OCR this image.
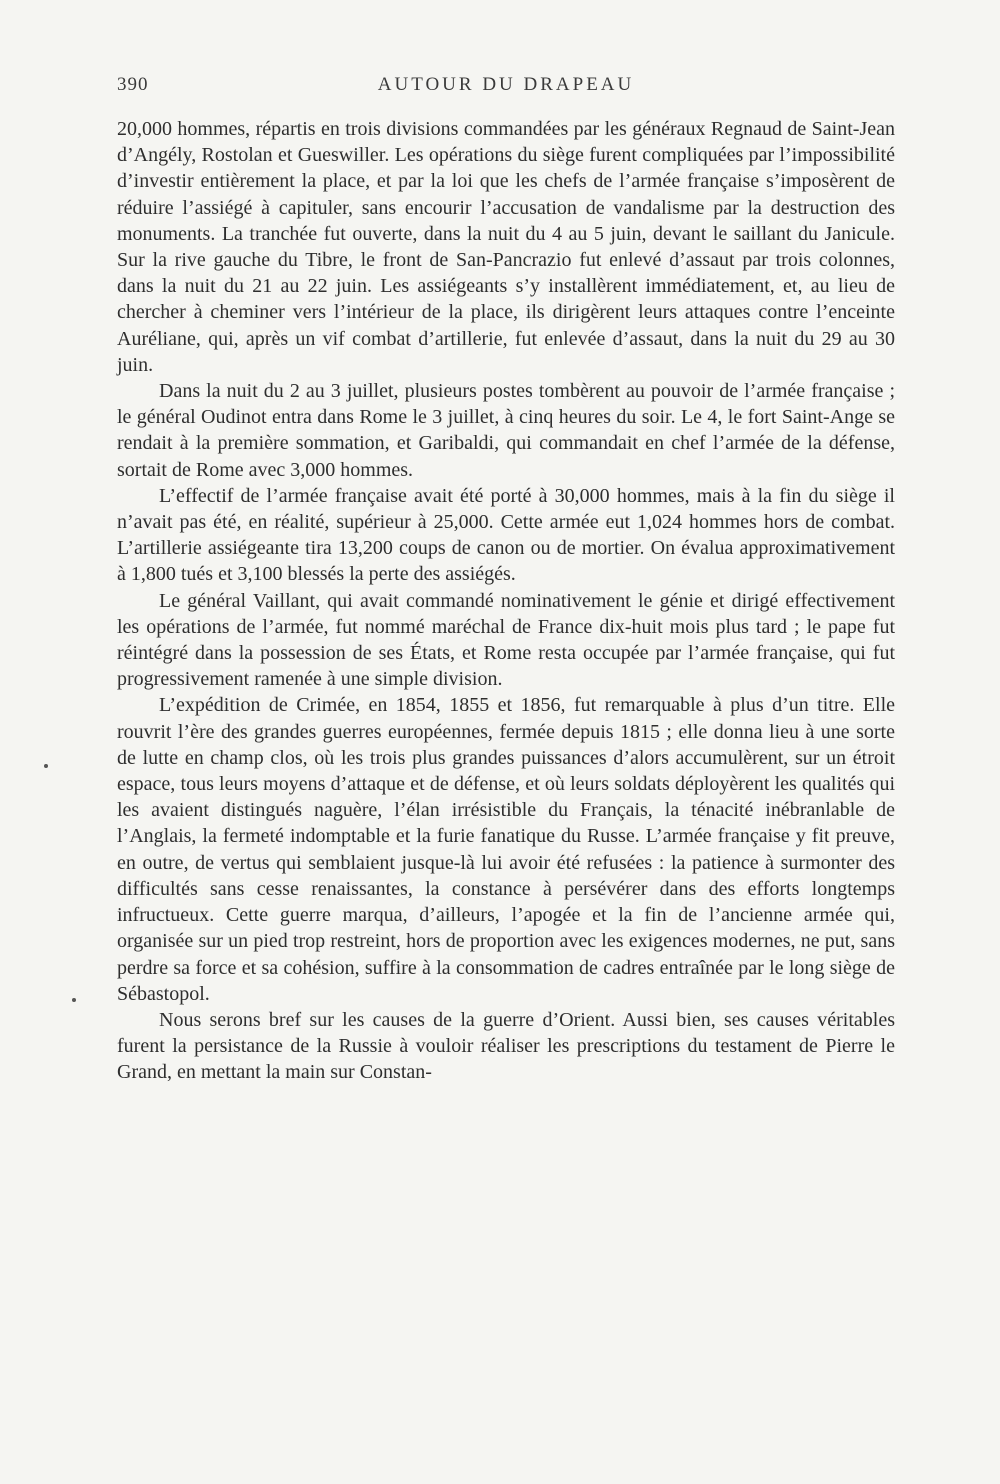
390	AUTOUR DU DRAPEAU

20,000 hommes, répartis en trois divisions commandées par les généraux Regnaud de Saint-Jean d’Angély, Rostolan et Gueswiller. Les opérations du siège furent compliquées par l’impossibilité d’investir entièrement la place, et par la loi que les chefs de l’armée française s’imposèrent de réduire l’assiégé à capituler, sans encourir l’accusation de vandalisme par la destruction des monuments. La tranchée fut ouverte, dans la nuit du 4 au 5 juin, devant le saillant du Janicule. Sur la rive gauche du Tibre, le front de San-Pancrazio fut enlevé d’assaut par trois colonnes, dans la nuit du 21 au 22 juin. Les assiégeants s’y installèrent immédiatement, et, au lieu de chercher à cheminer vers l’intérieur de la place, ils dirigèrent leurs attaques contre l’enceinte Auréliane, qui, après un vif combat d’artillerie, fut enlevée d’assaut, dans la nuit du 29 au 30 juin.

Dans la nuit du 2 au 3 juillet, plusieurs postes tombèrent au pouvoir de l’armée française ; le général Oudinot entra dans Rome le 3 juillet, à cinq heures du soir. Le 4, le fort Saint-Ange se rendait à la première sommation, et Garibaldi, qui commandait en chef l’armée de la défense, sortait de Rome avec 3,000 hommes.

L’effectif de l’armée française avait été porté à 30,000 hommes, mais à la fin du siège il n’avait pas été, en réalité, supérieur à 25,000. Cette armée eut 1,024 hommes hors de combat. L’artillerie assiégeante tira 13,200 coups de canon ou de mortier. On évalua approximativement à 1,800 tués et 3,100 blessés la perte des assiégés.

Le général Vaillant, qui avait commandé nominativement le génie et dirigé effectivement les opérations de l’armée, fut nommé maréchal de France dix-huit mois plus tard ; le pape fut réintégré dans la possession de ses États, et Rome resta occupée par l’armée française, qui fut progressivement ramenée à une simple division.

L’expédition de Crimée, en 1854, 1855 et 1856, fut remarquable à plus d’un titre. Elle rouvrit l’ère des grandes guerres européennes, fermée depuis 1815 ; elle donna lieu à une sorte de lutte en champ clos, où les trois plus grandes puissances d’alors accumulèrent, sur un étroit espace, tous leurs moyens d’attaque et de défense, et où leurs soldats déployèrent les qualités qui les avaient distingués naguère, l’élan irrésistible du Français, la ténacité inébranlable de l’Anglais, la fermeté indomptable et la furie fanatique du Russe. L’armée française y fit preuve, en outre, de vertus qui semblaient jusque-là lui avoir été refusées : la patience à surmonter des difficultés sans cesse renaissantes, la constance à persévérer dans des efforts longtemps infructueux. Cette guerre marqua, d’ailleurs, l’apogée et la fin de l’ancienne armée qui, organisée sur un pied trop restreint, hors de proportion avec les exigences modernes, ne put, sans perdre sa force et sa cohésion, suffire à la consommation de cadres entraînée par le long siège de Sébastopol.

Nous serons bref sur les causes de la guerre d’Orient. Aussi bien, ses causes véritables furent la persistance de la Russie à vouloir réaliser les prescriptions du testament de Pierre le Grand, en mettant la main sur Constan-
